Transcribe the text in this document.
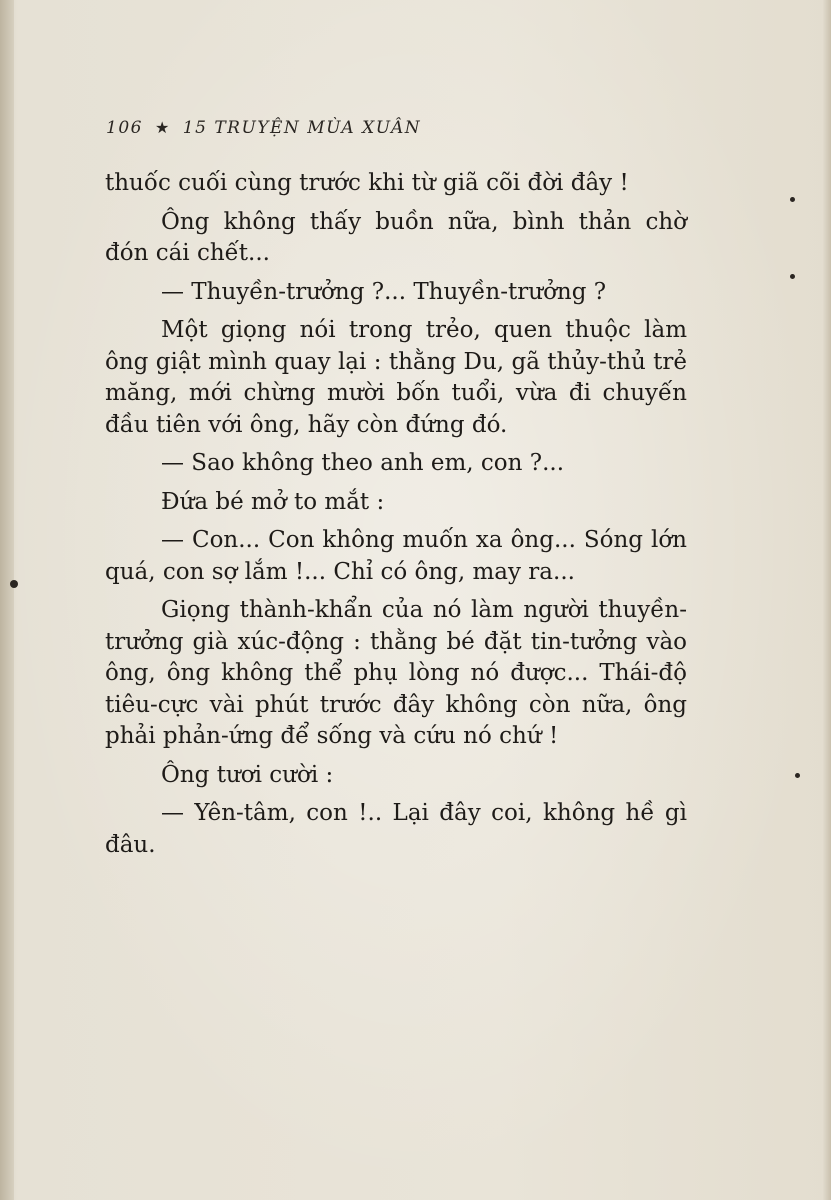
106 ★ 15 TRUYỆN MÙA XUÂN

thuốc cuối cùng trước khi từ giã cõi đời đây !

Ông không thấy buồn nữa, bình thản chờ đón cái chết...

— Thuyền-trưởng ?... Thuyền-trưởng ?

Một giọng nói trong trẻo, quen thuộc làm ông giật mình quay lại : thằng Du, gã thủy-thủ trẻ măng, mới chừng mười bốn tuổi, vừa đi chuyến đầu tiên với ông, hãy còn đứng đó.

— Sao không theo anh em, con ?...

Đứa bé mở to mắt :

— Con... Con không muốn xa ông... Sóng lớn quá, con sợ lắm !... Chỉ có ông, may ra...

Giọng thành-khẩn của nó làm người thuyền-trưởng già xúc-động : thằng bé đặt tin-tưởng vào ông, ông không thể phụ lòng nó được... Thái-độ tiêu-cực vài phút trước đây không còn nữa, ông phải phản-ứng để sống và cứu nó chứ !

Ông tươi cười :

— Yên-tâm, con !.. Lại đây coi, không hề gì đâu.
